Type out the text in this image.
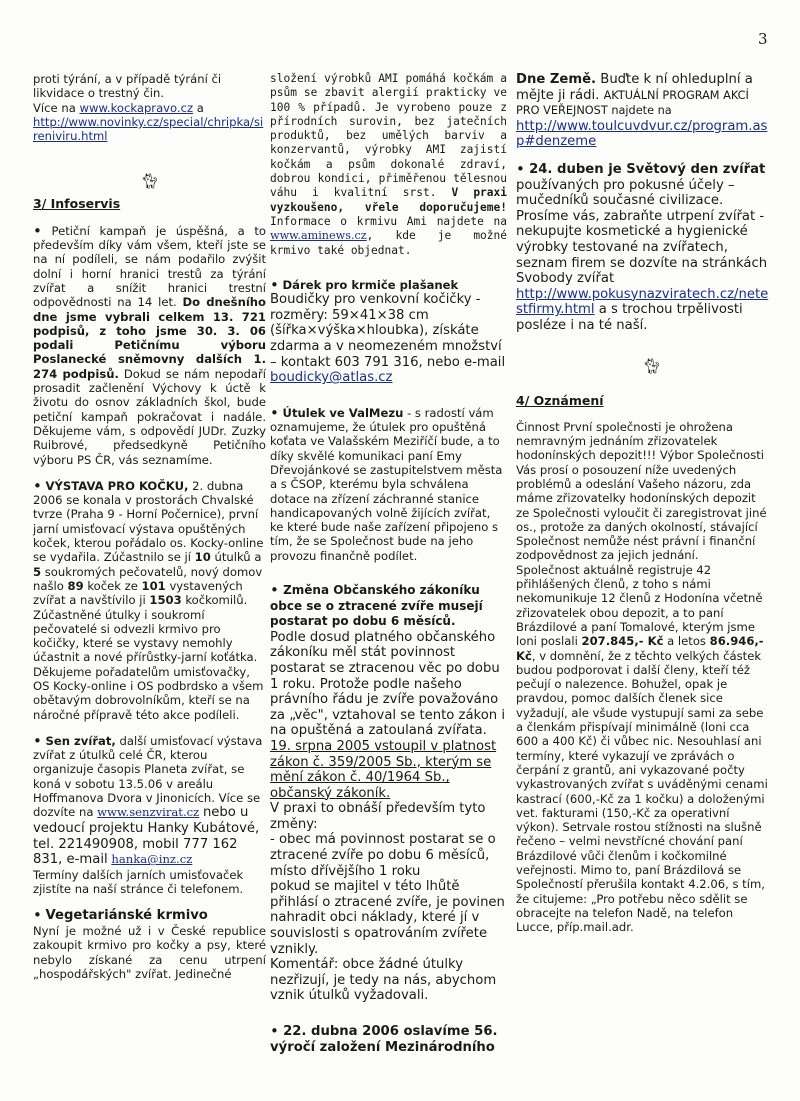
3

proti týrání, a v případě týrání či likvidace o trestný čin.
Více na www.kockapravo.cz a
http://www.novinky.cz/special/chripka/sireniviru.html

🐈︎

3/ Infoservis

• Petiční kampaň je úspěšná, a to především díky vám všem, kteří jste se na ní podíleli, se nám podařilo zvýšit dolní i horní hranici trestů za týrání zvířat a snížit hranici trestní odpovědnosti na 14 let. Do dnešního dne jsme vybrali celkem 13. 721 podpisů, z toho jsme 30. 3. 06 podali Petičnímu výboru Poslanecké sněmovny dalších 1. 274 podpisů. Dokud se nám nepodaří prosadit začlenění Výchovy k úctě k životu do osnov základních škol, bude petiční kampaň pokračovat i nadále. Děkujeme vám, s odpovědí JUDr. Zuzky Ruibrové, předsedkyně Petičního výboru PS ČR, vás seznamíme.

• VÝSTAVA PRO KOČKU, 2. dubna 2006 se konala v prostorách Chvalské tvrze (Praha 9 - Horní Počernice), první jarní umisťovací výstava opuštěných koček, kterou pořádalo os. Kocky-online se vydařila. Zúčastnilo se jí 10 útulků a 5 soukromých pečovatelů, nový domov našlo 89 koček ze 101 vystavených zvířat a navštívilo ji 1503 kočkomilů. Zúčastněné útulky i soukromí pečovatelé si odvezli krmivo pro kočičky, které se vystavy nemohly účastnit a nové přírůstky-jarní koťátka. Děkujeme pořadatelům umisťovačky, OS Kocky-online i OS podbrdsko a všem obětavým dobrovolníkům, kteří se na náročné přípravě této akce podíleli.

• Sen zvířat, další umisťovací výstava zvířat z útulků celé ČR, kterou organizuje časopis Planeta zvířat, se koná v sobotu 13.5.06 v areálu Hoffmanova Dvora v Jinonicích. Více se dozvíte na www.senzvirat.cz nebo u vedoucí projektu Hanky Kubátové, tel. 221490908, mobil 777 162 831, e-mail hanka@inz.cz
Termíny dalších jarních umisťovaček zjistíte na naší stránce či telefonem.

• Vegetariánské krmivo
Nyní je možné už i v České republice zakoupit krmivo pro kočky a psy, které nebylo získané za cenu utrpení „hospodářských" zvířat. Jedinečné

složení výrobků AMI pomáhá kočkám a psům se zbavit alergií prakticky ve 100 % případů. Je vyrobeno pouze z přírodních surovin, bez jatečních produktů, bez umělých barviv a konzervantů, výrobky AMI zajistí kočkám a psům dokonalé zdraví, dobrou kondici, přiměřenou tělesnou váhu i kvalitní srst. V praxi vyzkoušeno, vřele doporučujeme! Informace o krmivu Ami najdete na www.aminews.cz, kde je možné krmivo také objednat.

• Dárek pro krmiče plašanek
Boudičky pro venkovní kočičky - rozměry: 59×41×38 cm (šířka×výška×hloubka), získáte zdarma a v neomezeném množství – kontakt 603 791 316, nebo e-mail boudicky@atlas.cz

• Útulek ve ValMezu - s radostí vám oznamujeme, že útulek pro opuštěná koťata ve Valašském Meziříčí bude, a to díky skvělé komunikaci paní Emy Dřevojánkové se zastupitelstvem města a s ČSOP, kterému byla schválena dotace na zřízení záchranné stanice handicapovaných volně žijících zvířat, ke které bude naše zařízení připojeno s tím, že se Společnost bude na jeho provozu finančně podílet.

• Změna Občanského zákoníku obce se o ztracené zvíře musejí postarat po dobu 6 měsíců.
Podle dosud platného občanského zákoníku měl stát povinnost postarat se ztracenou věc po dobu 1 roku. Protože podle našeho právního řádu je zvíře považováno za „věc", vztahoval se tento zákon i na opuštěná a zatoulaná zvířata.
19. srpna 2005 vstoupil v platnost zákon č. 359/2005 Sb., kterým se mění zákon č. 40/1964 Sb., občanský zákoník.
V praxi to obnáší především tyto změny:
- obec má povinnost postarat se o ztracené zvíře po dobu 6 měsíců, místo dřívějšího 1 roku
pokud se majitel v této lhůtě přihlásí o ztracené zvíře, je povinen nahradit obci náklady, které jí v souvislosti s opatrováním zvířete vznikly.
Komentář: obce žádné útulky nezřizují, je tedy na nás, abychom vznik útulků vyžadovali.

• 22. dubna 2006 oslavíme 56. výročí založení Mezinárodního

Dne Země. Buďte k ní ohleduplní a mějte ji rádi. AKTUÁLNÍ PROGRAM AKCÍ PRO VEŘEJNOST najdete na
http://www.toulcuvdvur.cz/program.asp#denzeme

• 24. duben je Světový den zvířat používaných pro pokusné účely – mučedníků současné civilizace. Prosíme vás, zabraňte utrpení zvířat - nekupujte kosmetické a hygienické výrobky testované na zvířatech, seznam firem se dozvíte na stránkách Svobody zvířat
http://www.pokusynazviratech.cz/netestfirmy.html a s trochou trpělivosti posléze i na té naší.

🐈︎

4/ Oznámení

Činnost První společnosti je ohrožena nemravným jednáním zřizovatelek hodonínských depozit!!! Výbor Společnosti Vás prosí o posouzení níže uvedených problémů a odeslání Vašeho názoru, zda máme zřizovatelky hodonínských depozit ze Společnosti vyloučit či zaregistrovat jiné os., protože za daných okolností, stávající Společnost nemůže nést právní i finanční zodpovědnost za jejich jednání.

Společnost aktuálně registruje 42 přihlášených členů, z toho s námi nekomunikuje 12 členů z Hodonína včetně zřizovatelek obou depozit, a to paní Brázdilové a paní Tomalové, kterým jsme loni poslali 207.845,- Kč a letos 86.946,- Kč, v domnění, že z těchto velkých částek budou podporovat i další členy, kteří též pečují o nalezence. Bohužel, opak je pravdou, pomoc dalších členek sice vyžadují, ale všude vystupují sami za sebe a členkám přispívají minimálně (loni cca 600 a 400 Kč) či vůbec nic. Nesouhlasí ani termíny, které vykazují ve zprávách o čerpání z grantů, ani vykazované počty vykastrovaných zvířat s uváděnými cenami kastrací (600,-Kč za 1 kočku) a doloženými vet. fakturami (150,-Kč za operativní výkon). Setrvale rostou stížnosti na slušně řečeno – velmi nevstřícné chování paní Brázdilové vůči členům i kočkomilné veřejnosti. Mimo to, paní Brázdilová se Společností přerušila kontakt 4.2.06, s tím, že citujeme: „Pro potřebu něco sdělit se obracejte na telefon Nadě, na telefon Lucce, příp.mail.adr.
